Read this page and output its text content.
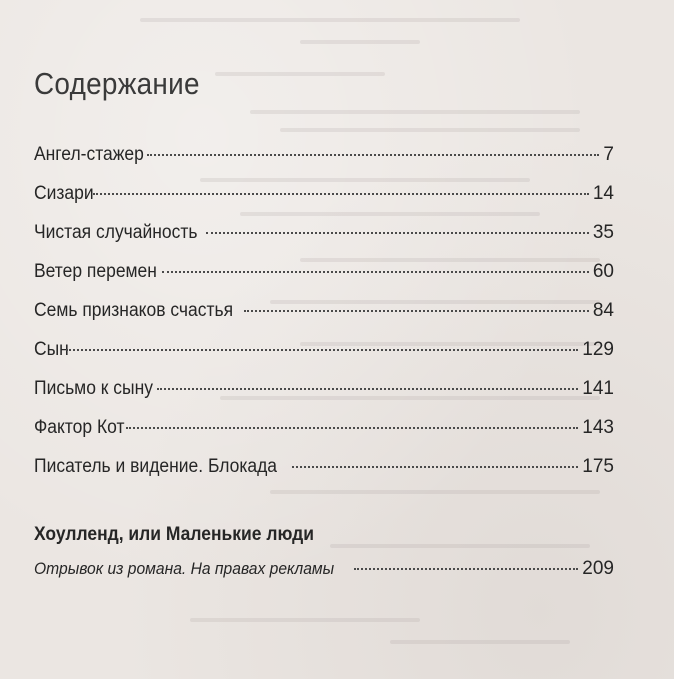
Содержание
Ангел-стажер	7
Сизари	14
Чистая случайность	35
Ветер перемен	60
Семь признаков счастья	84
Сын	129
Письмо к сыну	141
Фактор Кот	143
Писатель и видение. Блокада	175
Хоулленд, или Маленькие люди
Отрывок из романа. На правах рекламы	209
